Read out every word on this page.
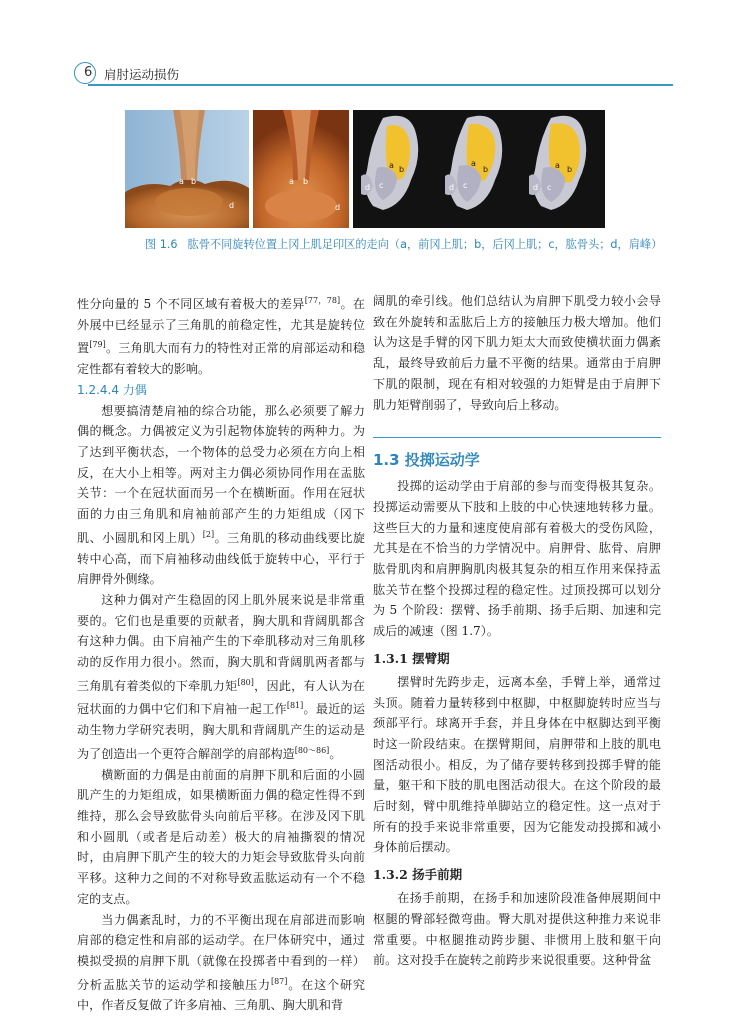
6 肩肘运动损伤
a b
d
a b
d
a b
c
d
a
b
c
d
a b
c
d
图 1.6 肱骨不同旋转位置上冈上肌足印区的走向（a，前冈上肌；b，后冈上肌；c，肱骨头；d，肩峰）

性分向量的 5 个不同区域有着极大的差异[77，78]。在外展中已经显示了三角肌的前稳定性，尤其是旋转位置[79]。三角肌大而有力的特性对正常的肩部运动和稳定性都有着较大的影响。

1.2.4.4 力偶

想要搞清楚肩袖的综合功能，那么必须要了解力偶的概念。力偶被定义为引起物体旋转的两种力。为了达到平衡状态，一个物体的总受力必须在方向上相反，在大小上相等。两对主力偶必须协同作用在盂肱关节：一个在冠状面而另一个在横断面。作用在冠状面的力由三角肌和肩袖前部产生的力矩组成（冈下肌、小圆肌和冈上肌）[2]。三角肌的移动曲线要比旋转中心高，而下肩袖移动曲线低于旋转中心，平行于肩胛骨外侧缘。

这种力偶对产生稳固的冈上肌外展来说是非常重要的。它们也是重要的贡献者，胸大肌和背阔肌都含有这种力偶。由下肩袖产生的下牵肌移动对三角肌移动的反作用力很小。然而，胸大肌和背阔肌两者都与三角肌有着类似的下牵肌力矩[80]，因此，有人认为在冠状面的力偶中它们和下肩袖一起工作[81]。最近的运动生物力学研究表明，胸大肌和背阔肌产生的运动是为了创造出一个更符合解剖学的肩部构造[80～86]。

横断面的力偶是由前面的肩胛下肌和后面的小圆肌产生的力矩组成，如果横断面力偶的稳定性得不到维持，那么会导致肱骨头向前后平移。在涉及冈下肌和小圆肌（或者是后动差）极大的肩袖撕裂的情况时，由肩胛下肌产生的较大的力矩会导致肱骨头向前平移。这种力之间的不对称导致盂肱运动有一个不稳定的支点。

当力偶紊乱时，力的不平衡出现在肩部进而影响肩部的稳定性和肩部的运动学。在尸体研究中，通过模拟受损的肩胛下肌（就像在投掷者中看到的一样）分析盂肱关节的运动学和接触压力[87]。在这个研究中，作者反复做了许多肩袖、三角肌、胸大肌和背

阔肌的牵引线。他们总结认为肩胛下肌受力较小会导致在外旋转和盂肱后上方的接触压力极大增加。他们认为这是手臂的冈下肌力矩太大而致使横状面力偶紊乱，最终导致前后力量不平衡的结果。通常由于肩胛下肌的限制，现在有相对较强的力矩臂是由于肩胛下肌力矩臂削弱了，导致向后上移动。

1.3 投掷运动学

投掷的运动学由于肩部的参与而变得极其复杂。投掷运动需要从下肢和上肢的中心快速地转移力量。这些巨大的力量和速度使肩部有着极大的受伤风险，尤其是在不恰当的力学情况中。肩胛骨、肱骨、肩胛肱骨肌肉和肩胛胸肌肉极其复杂的相互作用来保持盂肱关节在整个投掷过程的稳定性。过顶投掷可以划分为 5 个阶段：摆臂、扬手前期、扬手后期、加速和完成后的减速（图 1.7）。

1.3.1 摆臂期

摆臂时先跨步走，远离本垒，手臂上举，通常过头顶。随着力量转移到中枢脚，中枢脚旋转时应当与颈部平行。球离开手套，并且身体在中枢脚达到平衡时这一阶段结束。在摆臂期间，肩胛带和上肢的肌电图活动很小。相反，为了储存要转移到投掷手臂的能量，躯干和下肢的肌电图活动很大。在这个阶段的最后时刻，臂中肌维持单脚站立的稳定性。这一点对于所有的投手来说非常重要，因为它能发动投掷和减小身体前后摆动。

1.3.2 扬手前期

在扬手前期，在扬手和加速阶段准备伸展期间中枢腿的臀部轻微弯曲。臀大肌对提供这种推力来说非常重要。中枢腿推动跨步腿、非惯用上肢和躯干向前。这对投手在旋转之前跨步来说很重要。这种骨盆
